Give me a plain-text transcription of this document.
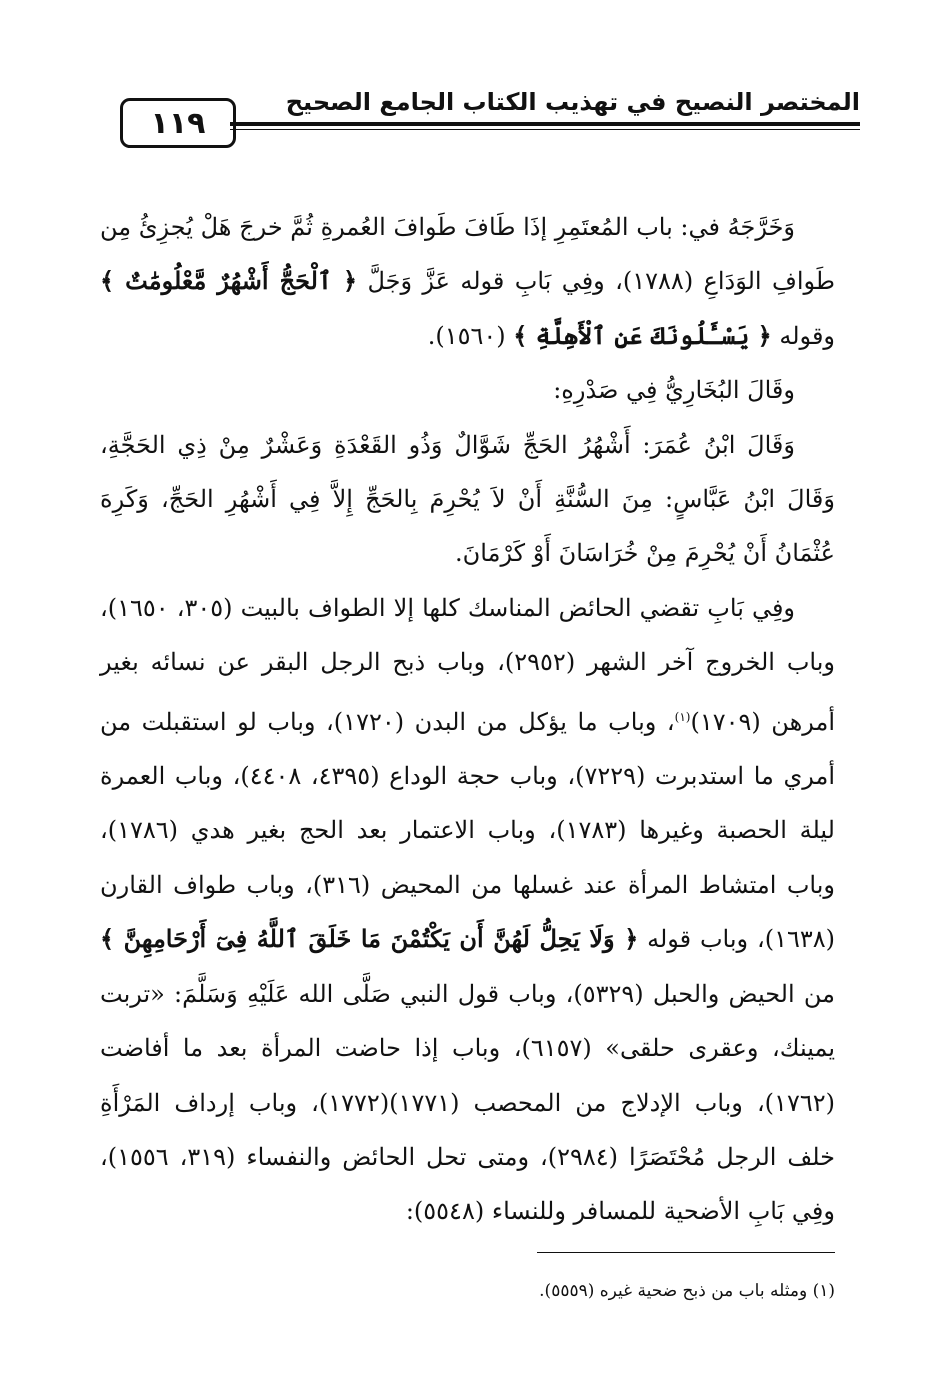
١١٩
المختصر النصيح في تهذيب الكتاب الجامع الصحيح

وَخَرَّجَهُ في: باب المُعتَمِرِ إذَا طَافَ طَوافَ العُمرةِ ثُمَّ خرجَ هَلْ يُجزِئُ مِن طَوافِ الوَدَاعِ (١٧٨٨)، وفِي بَابِ قوله عَزَّ وَجَلَّ ﴿ ٱلْحَجُّ أَشْهُرٌ مَّعْلُومَٰتٌ ﴾ وقوله ﴿ يَسْـَٔلُونَكَ عَنِ ٱلْأَهِلَّةِ ﴾ (١٥٦٠).

وقَالَ البُخَارِيُّ فِي صَدْرِهِ:

وَقَالَ ابْنُ عُمَرَ: أَشْهُرُ الحَجِّ شَوَّالٌ وَذُو القَعْدَةِ وَعَشْرٌ مِنْ ذِي الحَجَّةِ، وَقَالَ ابْنُ عَبَّاسٍ: مِنَ السُّنَّةِ أَنْ لاَ يُحْرِمَ بِالحَجِّ إِلاَّ فِي أَشْهُرِ الحَجِّ، وَكَرِهَ عُثْمَانُ أَنْ يُحْرِمَ مِنْ خُرَاسَانَ أَوْ كَرْمَانَ.

وفِي بَابِ تقضي الحائض المناسك كلها إلا الطواف بالبيت (٣٠٥، ١٦٥٠)، وباب الخروج آخر الشهر (٢٩٥٢)، وباب ذبح الرجل البقر عن نسائه بغير أمرهن (١٧٠٩)$^{(١)}$، وباب ما يؤكل من البدن (١٧٢٠)، وباب لو استقبلت من أمري ما استدبرت (٧٢٢٩)، وباب حجة الوداع (٤٣٩٥، ٤٤٠٨)، وباب العمرة ليلة الحصبة وغيرها (١٧٨٣)، وباب الاعتمار بعد الحج بغير هدي (١٧٨٦)، وباب امتشاط المرأة عند غسلها من المحيض (٣١٦)، وباب طواف القارن (١٦٣٨)، وباب قوله ﴿ وَلَا يَحِلُّ لَهُنَّ أَن يَكْتُمْنَ مَا خَلَقَ ٱللَّهُ فِىٓ أَرْحَامِهِنَّ ﴾ من الحيض والحبل (٥٣٢٩)، وباب قول النبي صَلَّى الله عَلَيْهِ وَسَلَّمَ: «تربت يمينك، وعقرى حلقى» (٦١٥٧)، وباب إذا حاضت المرأة بعد ما أفاضت (١٧٦٢)، وباب الإدلاج من المحصب (١٧٧١)(١٧٧٢)، وباب إرداف المَرْأَةِ خلف الرجل مُحْتَصَرًا (٢٩٨٤)، ومتى تحل الحائض والنفساء (٣١٩، ١٥٥٦)، وفِي بَابِ الأضحية للمسافر وللنساء (٥٥٤٨):

(١) ومثله باب من ذبح ضحية غيره (٥٥٥٩).
